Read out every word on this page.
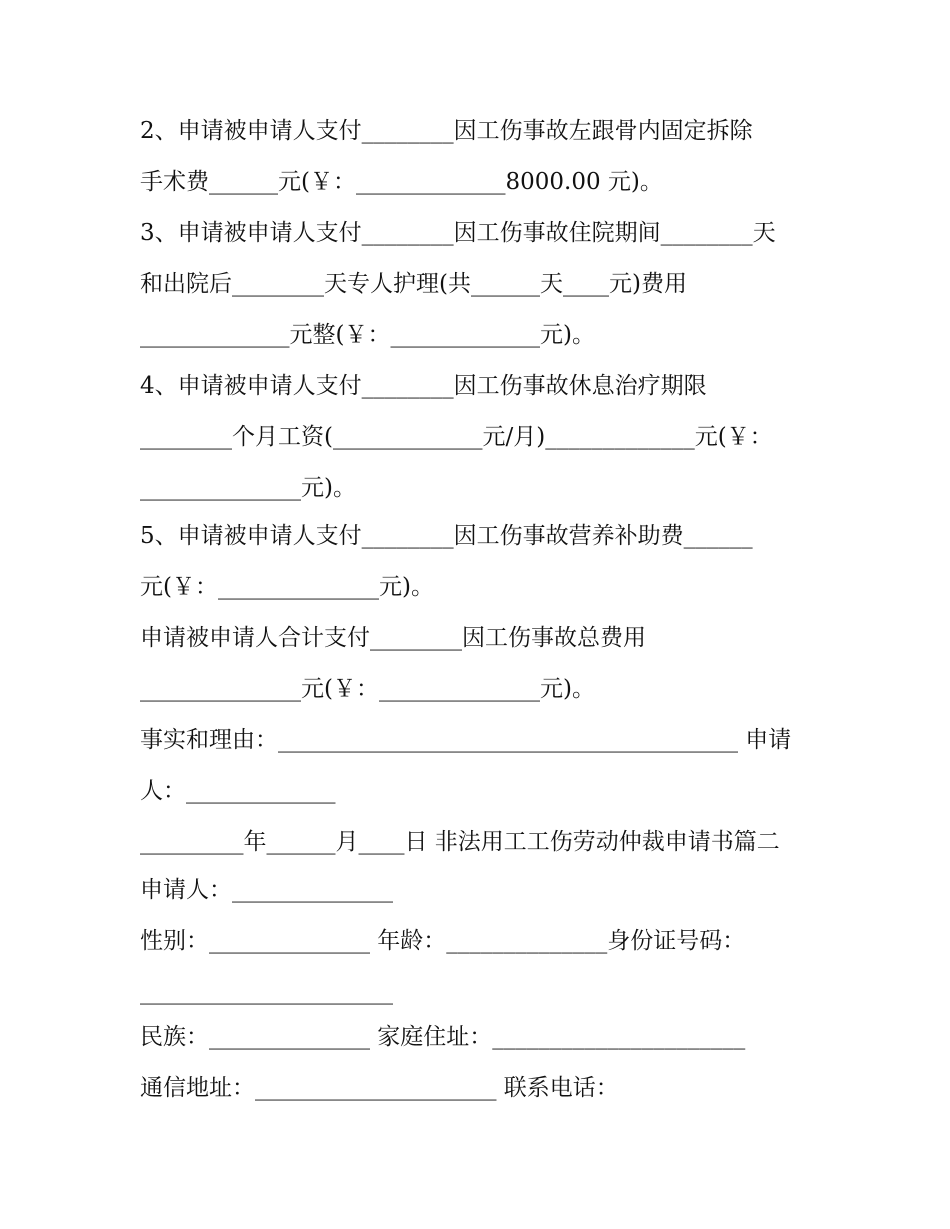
2、申请被申请人支付________因工伤事故左跟骨内固定拆除
手术费______元(￥：_____________8000.00 元)。
3、申请被申请人支付________因工伤事故住院期间________天
和出院后________天专人护理(共______天____元)费用
_____________元整(￥：_____________元)。
4、申请被申请人支付________因工伤事故休息治疗期限
________个月工资(_____________元/月)_____________元(￥：
______________元)。
5、申请被申请人支付________因工伤事故营养补助费______
元(￥：______________元)。
申请被申请人合计支付________因工伤事故总费用
______________元(￥：______________元)。
事实和理由：________________________________________ 申请
人：_____________
_________年______月____日 非法用工工伤劳动仲裁申请书篇二
申请人：______________
性别：______________ 年龄：______________身份证号码：
______________________
民族：______________ 家庭住址：______________________
通信地址：_____________________ 联系电话：
